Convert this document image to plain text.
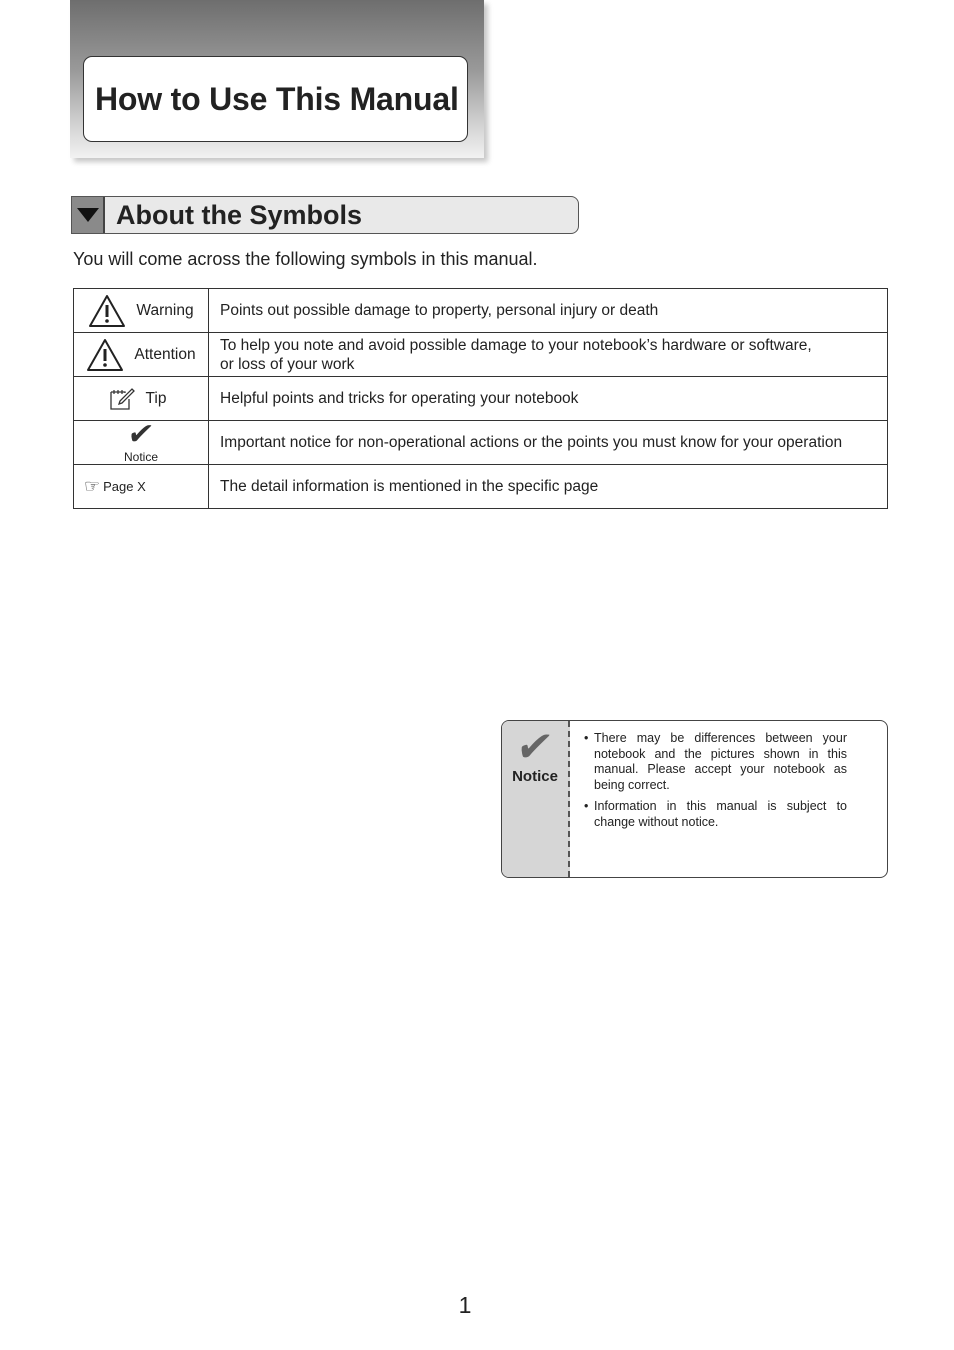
How to Use This Manual
About the Symbols

You will come across the following symbols in this manual.

Warning	Points out possible damage to property, personal injury or death

Attention	To help you note and avoid possible damage to your notebook’s hardware or software,
or loss of your work

Tip	Helpful points and tricks for operating your notebook

✔
Notice	Important notice for non-operational actions or the points you must know for your operation

☞ Page X	The detail information is mentioned in the specific page
✔
Notice
• There may be differences between your notebook and the pictures shown in this manual. Please accept your notebook as being correct.
• Information in this manual is subject to change without notice.
1
